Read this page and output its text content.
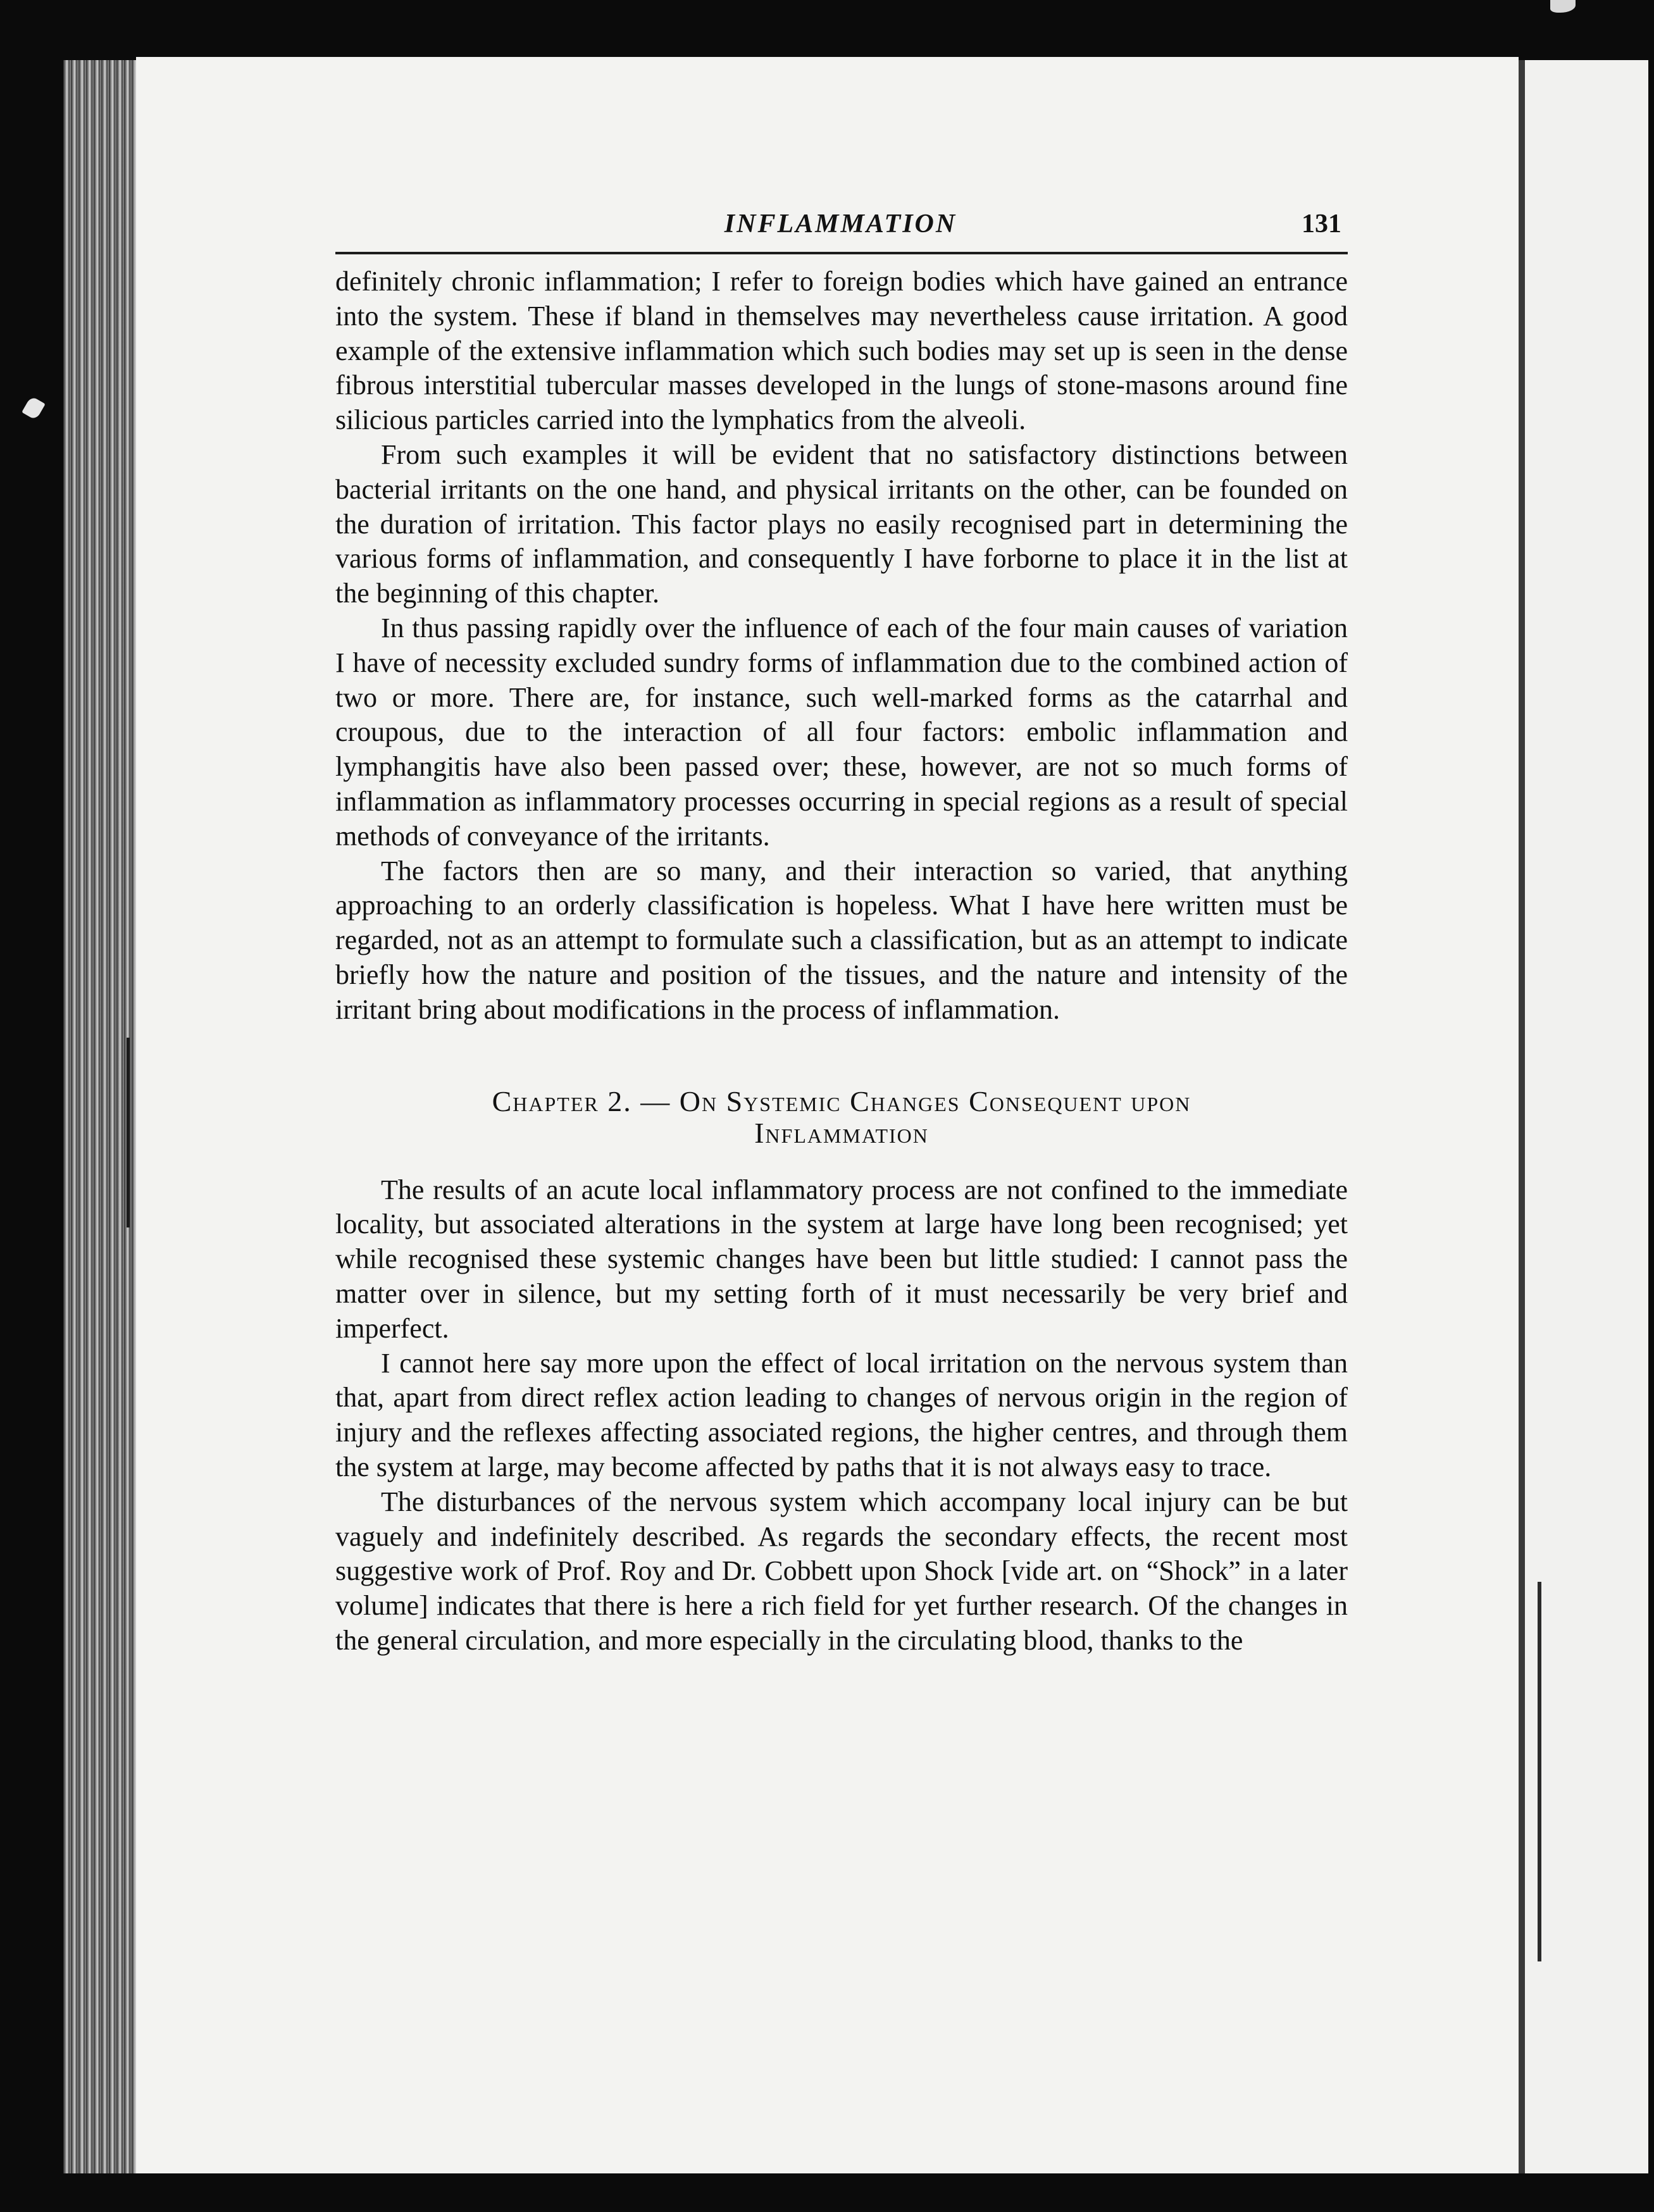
INFLAMMATION	131

definitely chronic inflammation; I refer to foreign bodies which have gained an entrance into the system. These if bland in themselves may nevertheless cause irritation. A good example of the extensive inflammation which such bodies may set up is seen in the dense fibrous interstitial tubercular masses developed in the lungs of stone-masons around fine silicious particles carried into the lymphatics from the alveoli.

From such examples it will be evident that no satisfactory distinctions between bacterial irritants on the one hand, and physical irritants on the other, can be founded on the duration of irritation. This factor plays no easily recognised part in determining the various forms of inflammation, and consequently I have forborne to place it in the list at the beginning of this chapter.

In thus passing rapidly over the influence of each of the four main causes of variation I have of necessity excluded sundry forms of inflammation due to the combined action of two or more. There are, for instance, such well-marked forms as the catarrhal and croupous, due to the interaction of all four factors: embolic inflammation and lymphangitis have also been passed over; these, however, are not so much forms of inflammation as inflammatory processes occurring in special regions as a result of special methods of conveyance of the irritants.

The factors then are so many, and their interaction so varied, that anything approaching to an orderly classification is hopeless. What I have here written must be regarded, not as an attempt to formulate such a classification, but as an attempt to indicate briefly how the nature and position of the tissues, and the nature and intensity of the irritant bring about modifications in the process of inflammation.

Chapter 2. — On Systemic Changes Consequent upon
Inflammation

The results of an acute local inflammatory process are not confined to the immediate locality, but associated alterations in the system at large have long been recognised; yet while recognised these systemic changes have been but little studied: I cannot pass the matter over in silence, but my setting forth of it must necessarily be very brief and imperfect.

I cannot here say more upon the effect of local irritation on the nervous system than that, apart from direct reflex action leading to changes of nervous origin in the region of injury and the reflexes affecting associated regions, the higher centres, and through them the system at large, may become affected by paths that it is not always easy to trace.

The disturbances of the nervous system which accompany local injury can be but vaguely and indefinitely described. As regards the secondary effects, the recent most suggestive work of Prof. Roy and Dr. Cobbett upon Shock [vide art. on “Shock” in a later volume] indicates that there is here a rich field for yet further research. Of the changes in the general circulation, and more especially in the circulating blood, thanks to the
